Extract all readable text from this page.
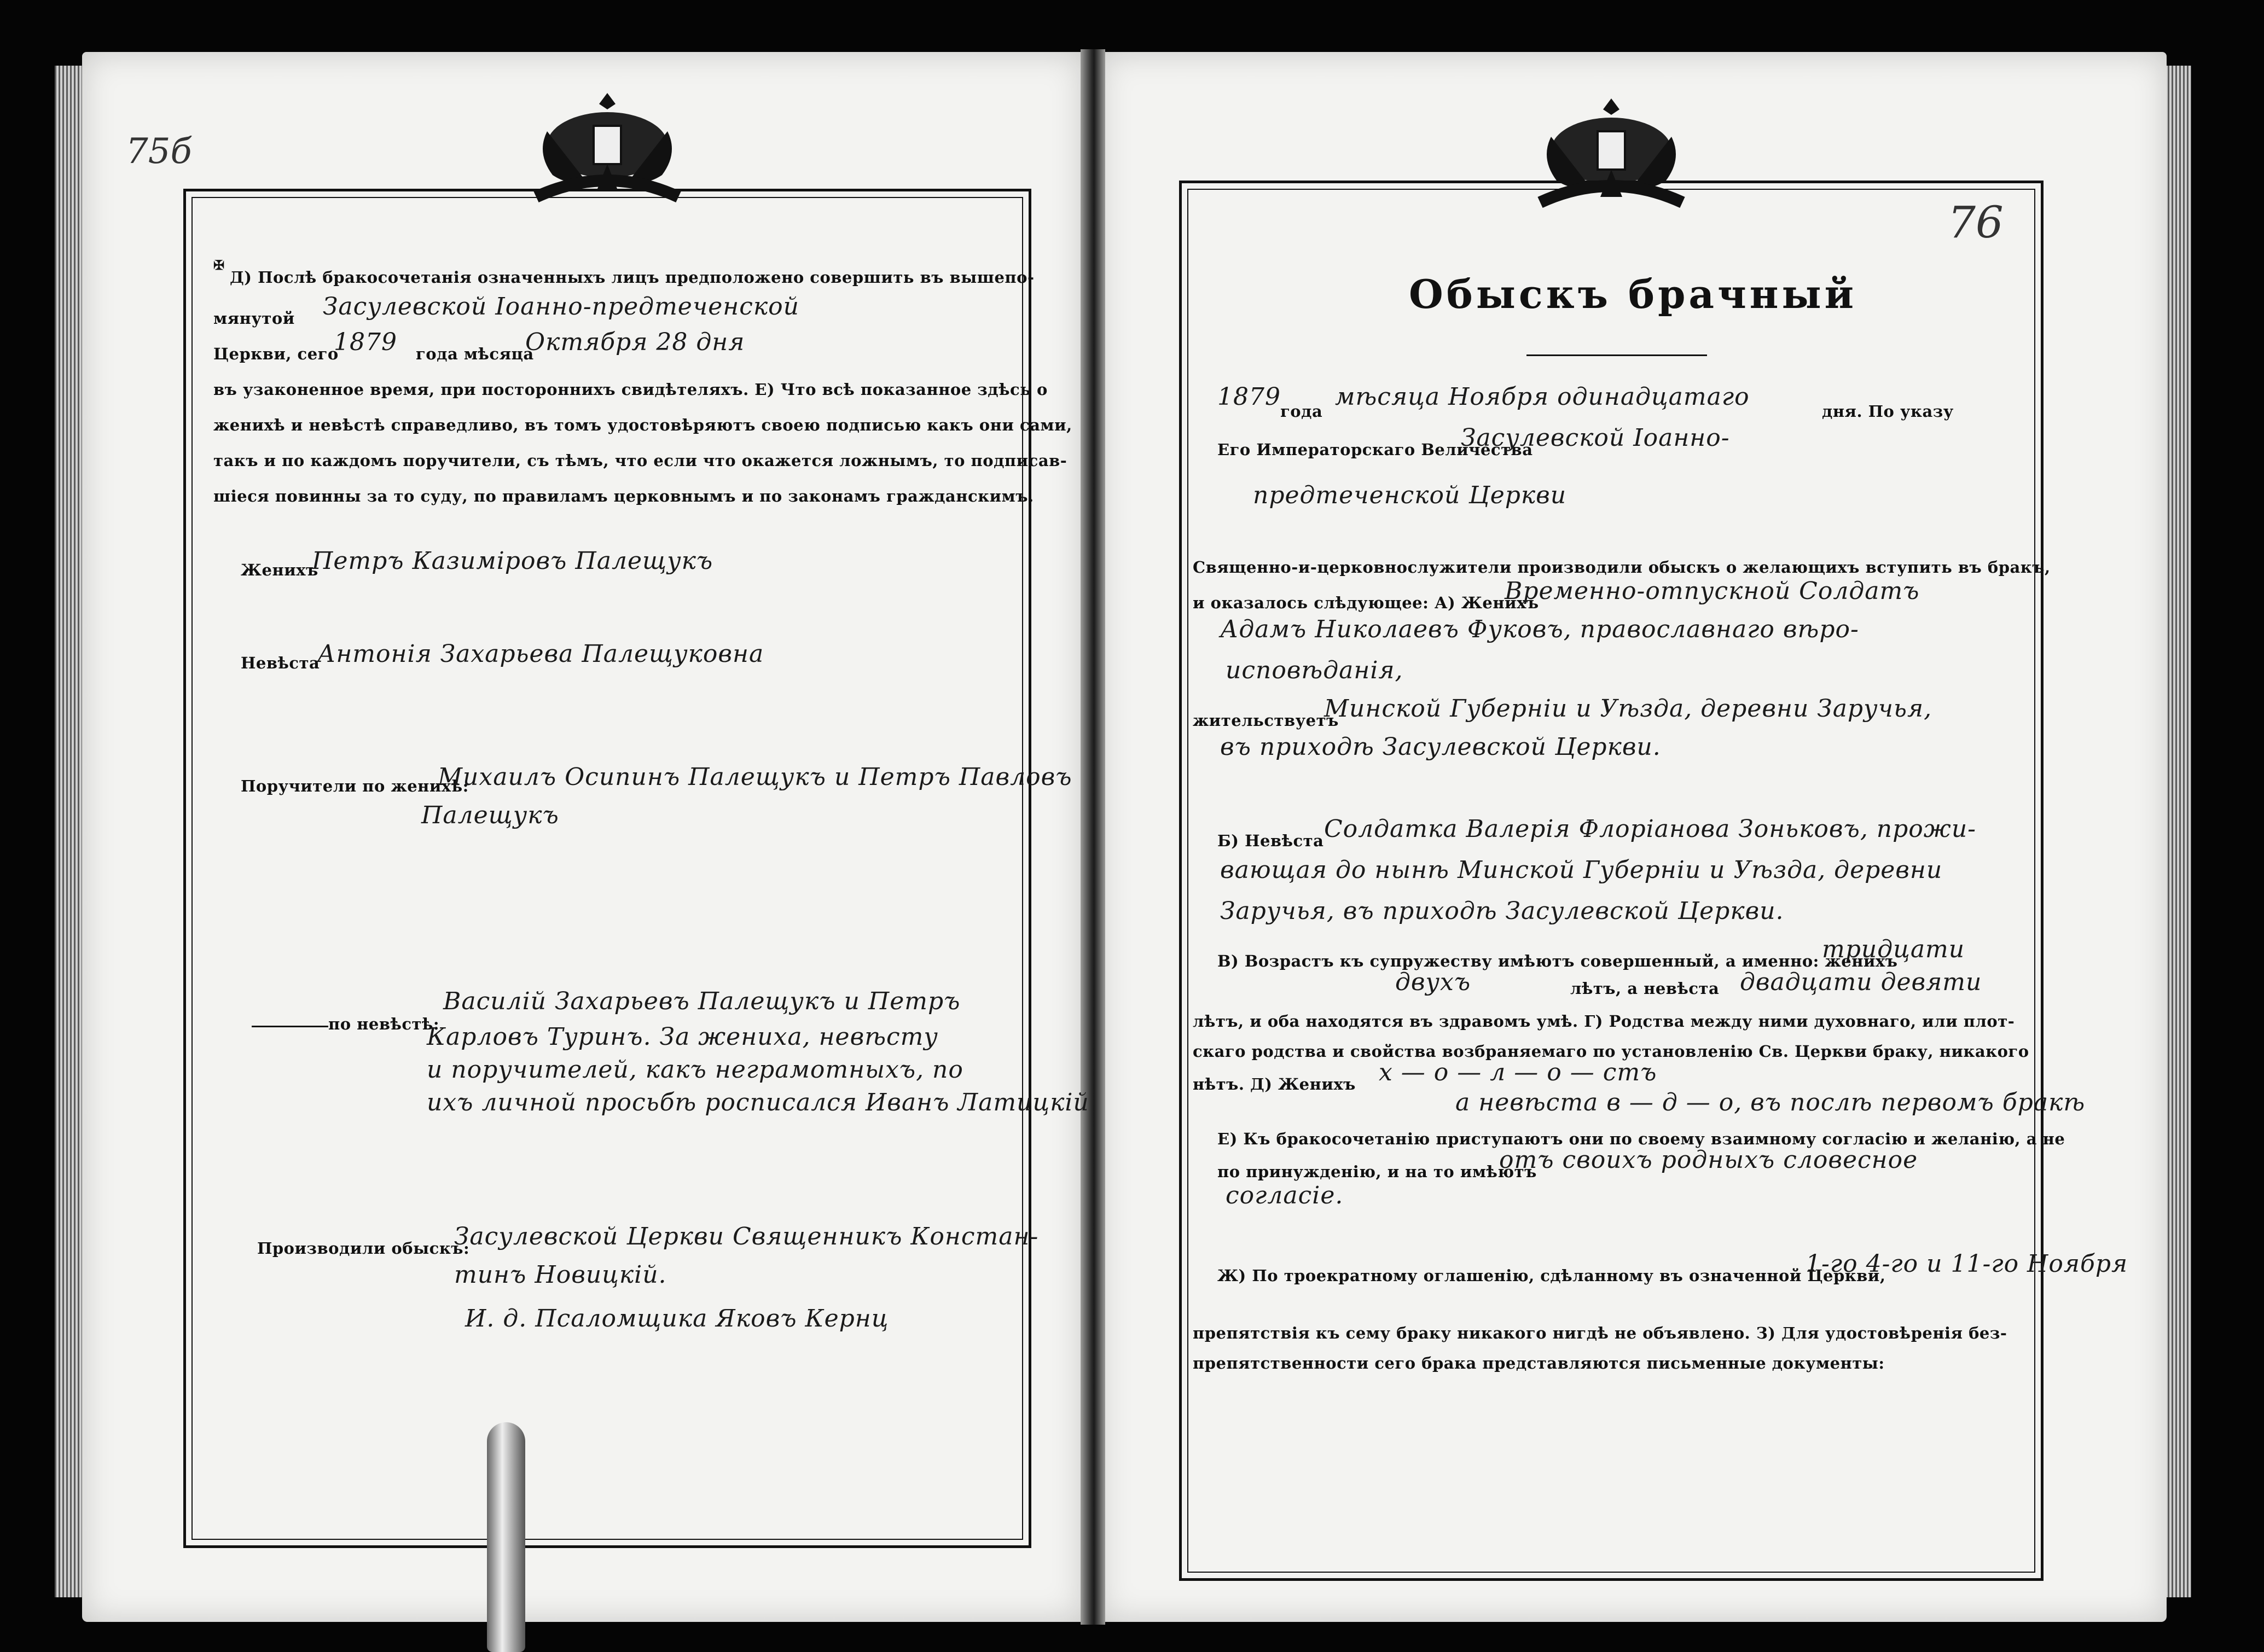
75б
✠
Д) Послѣ бракосочетанія означенныхъ лицъ предположено совершить въ вышепо-
мянутой Засулевской Іоанно-предтеченской
Церкви, сего
1879 года мѣсяца
Октября 28 дня
въ узаконенное время, при постороннихъ свидѣтеляхъ. Е) Что всѣ показанное здѣсь о
женихѣ и невѣстѣ справедливо, въ томъ удостовѣряютъ своею подписью какъ они сами,
такъ и по каждомъ поручители, съ тѣмъ, что если что окажется ложнымъ, то подписав-
шіеся повинны за то суду, по правиламъ церковнымъ и по законамъ гражданскимъ.
Женихъ
Петръ Казиміровъ Палещукъ
Невѣста
Антонія Захарьева Палещуковна
Поручители по женихѣ:
Михаилъ Осипинъ Палещукъ и Петръ Павловъ
Палещукъ
по невѣстѣ:
Василій Захарьевъ Палещукъ и Петръ
Карловъ Туринъ. За жениха, невѣсту
и поручителей, какъ неграмотныхъ, по
ихъ личной просьбѣ росписался Иванъ Латицкій
Производили обыскъ:
Засулевской Церкви Священникъ Констан-
тинъ Новицкій.
И. д. Псаломщика Яковъ Кернц
76
Обыскъ брачный
1879
года
мѣсяца Ноября одинадцатаго
дня. По указу
Его Императорскаго Величества
Засулевской Іоанно-
предтеченской Церкви
Священно-и-церковнослужители производили обыскъ о желающихъ вступить въ бракъ,
и оказалось слѣдующее: А) Женихъ
Временно-отпускной Солдатъ
Адамъ Николаевъ Фуковъ, православнаго вѣро-
исповѣданія,
жительствуетъ
Минской Губерніи и Уѣзда, деревни Заручья,
въ приходѣ Засулевской Церкви.
Б) Невѣста Солдатка Валерія Флоріанова Зоньковъ, прожи-
вающая до нынѣ Минской Губерніи и Уѣзда, деревни
Заручья, въ приходѣ Засулевской Церкви.
В) Возрастъ къ супружеству имѣютъ совершенный, а именно: женихъ
тридцати
двухъ	лѣтъ, а невѣста двадцати девяти
лѣтъ, и оба находятся въ здравомъ умѣ. Г) Родства между ними духовнаго, или плот-
скаго родства и свойства возбраняемаго по установленію Св. Церкви браку, никакого
нѣтъ. Д) Женихъ х — о — л — о — стъ
а невѣста в — д — о, въ послѣ первомъ бракѣ
Е) Къ бракосочетанію приступаютъ они по своему взаимному согласію и желанію, а не
по принужденію, и на то имѣютъ
отъ своихъ родныхъ словесное
согласіе.
Ж) По троекратному оглашенію, сдѣланному въ означенной Церкви,
1-го 4-го и 11-го Ноября
препятствія къ сему браку никакого нигдѣ не объявлено. З) Для удостовѣренія без-
препятственности сего брака представляются письменные документы:
